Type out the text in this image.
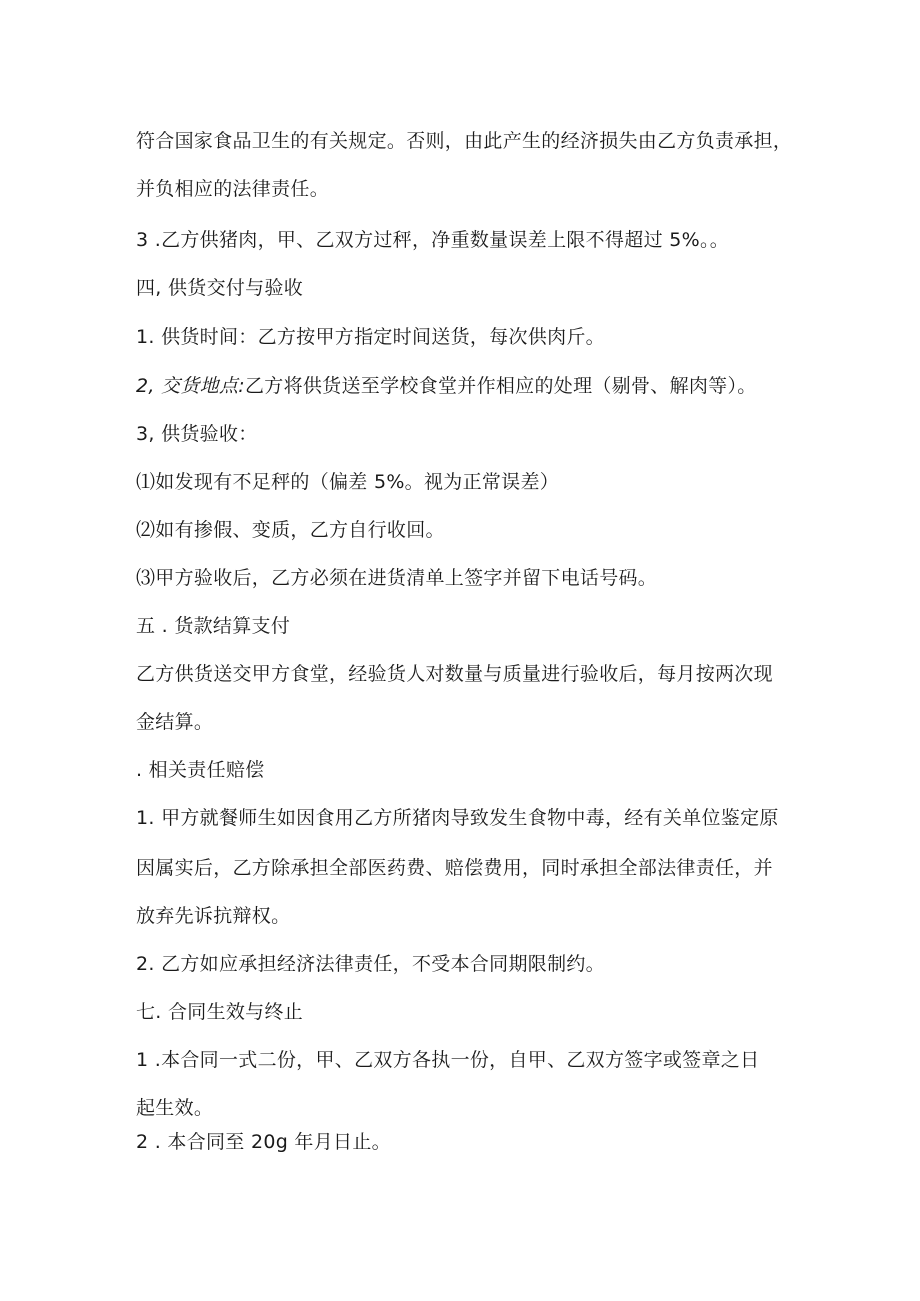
符合国家食品卫生的有关规定。否则，由此产生的经济损失由乙方负责承担，
并负相应的法律责任。
3 .乙方供猪肉，甲、乙双方过秤，净重数量误差上限不得超过 5%。。
四, 供货交付与验收
1. 供货时间：乙方按甲方指定时间送货，每次供肉斤。
2, 交货地点:乙方将供货送至学校食堂并作相应的处理（剔骨、解肉等）。
3, 供货验收：
⑴如发现有不足秤的（偏差 5%。视为正常误差）
⑵如有掺假、变质，乙方自行收回。
⑶甲方验收后，乙方必须在进货清单上签字并留下电话号码。
五 . 货款结算支付
乙方供货送交甲方食堂，经验货人对数量与质量进行验收后，每月按两次现
金结算。
. 相关责任赔偿
1. 甲方就餐师生如因食用乙方所猪肉导致发生食物中毒，经有关单位鉴定原
因属实后，乙方除承担全部医药费、赔偿费用，同时承担全部法律责任，并
放弃先诉抗辩权。
2. 乙方如应承担经济法律责任，不受本合同期限制约。
七. 合同生效与终止
1 .本合同一式二份，甲、乙双方各执一份，自甲、乙双方签字或签章之日
起生效。
2 . 本合同至 20g 年月日止。
